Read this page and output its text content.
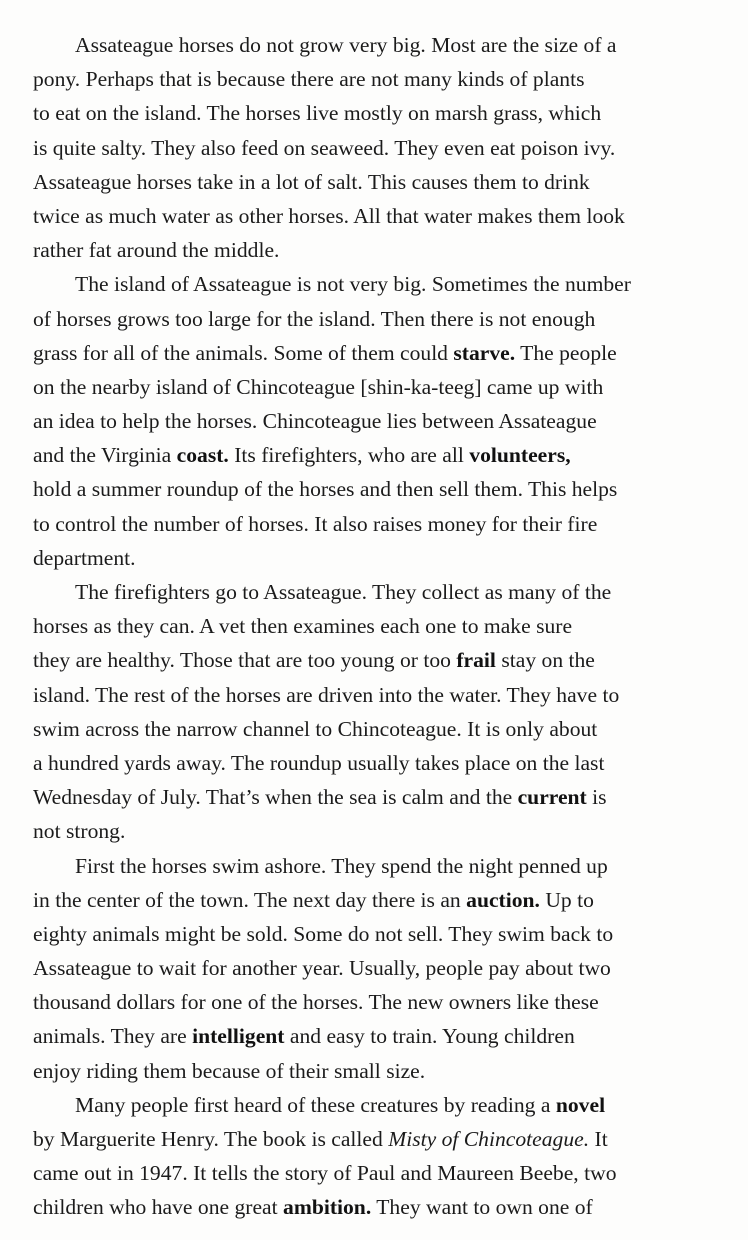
Assateague horses do not grow very big. Most are the size of a
pony. Perhaps that is because there are not many kinds of plants
to eat on the island. The horses live mostly on marsh grass, which
is quite salty. They also feed on seaweed. They even eat poison ivy.
Assateague horses take in a lot of salt. This causes them to drink
twice as much water as other horses. All that water makes them look
rather fat around the middle.
The island of Assateague is not very big. Sometimes the number
of horses grows too large for the island. Then there is not enough
grass for all of the animals. Some of them could starve. The people
on the nearby island of Chincoteague [shin-ka-teeg] came up with
an idea to help the horses. Chincoteague lies between Assateague
and the Virginia coast. Its firefighters, who are all volunteers,
hold a summer roundup of the horses and then sell them. This helps
to control the number of horses. It also raises money for their fire
department.
The firefighters go to Assateague. They collect as many of the
horses as they can. A vet then examines each one to make sure
they are healthy. Those that are too young or too frail stay on the
island. The rest of the horses are driven into the water. They have to
swim across the narrow channel to Chincoteague. It is only about
a hundred yards away. The roundup usually takes place on the last
Wednesday of July. That’s when the sea is calm and the current is
not strong.
First the horses swim ashore. They spend the night penned up
in the center of the town. The next day there is an auction. Up to
eighty animals might be sold. Some do not sell. They swim back to
Assateague to wait for another year. Usually, people pay about two
thousand dollars for one of the horses. The new owners like these
animals. They are intelligent and easy to train. Young children
enjoy riding them because of their small size.
Many people first heard of these creatures by reading a novel
by Marguerite Henry. The book is called Misty of Chincoteague. It
came out in 1947. It tells the story of Paul and Maureen Beebe, two
children who have one great ambition. They want to own one of
